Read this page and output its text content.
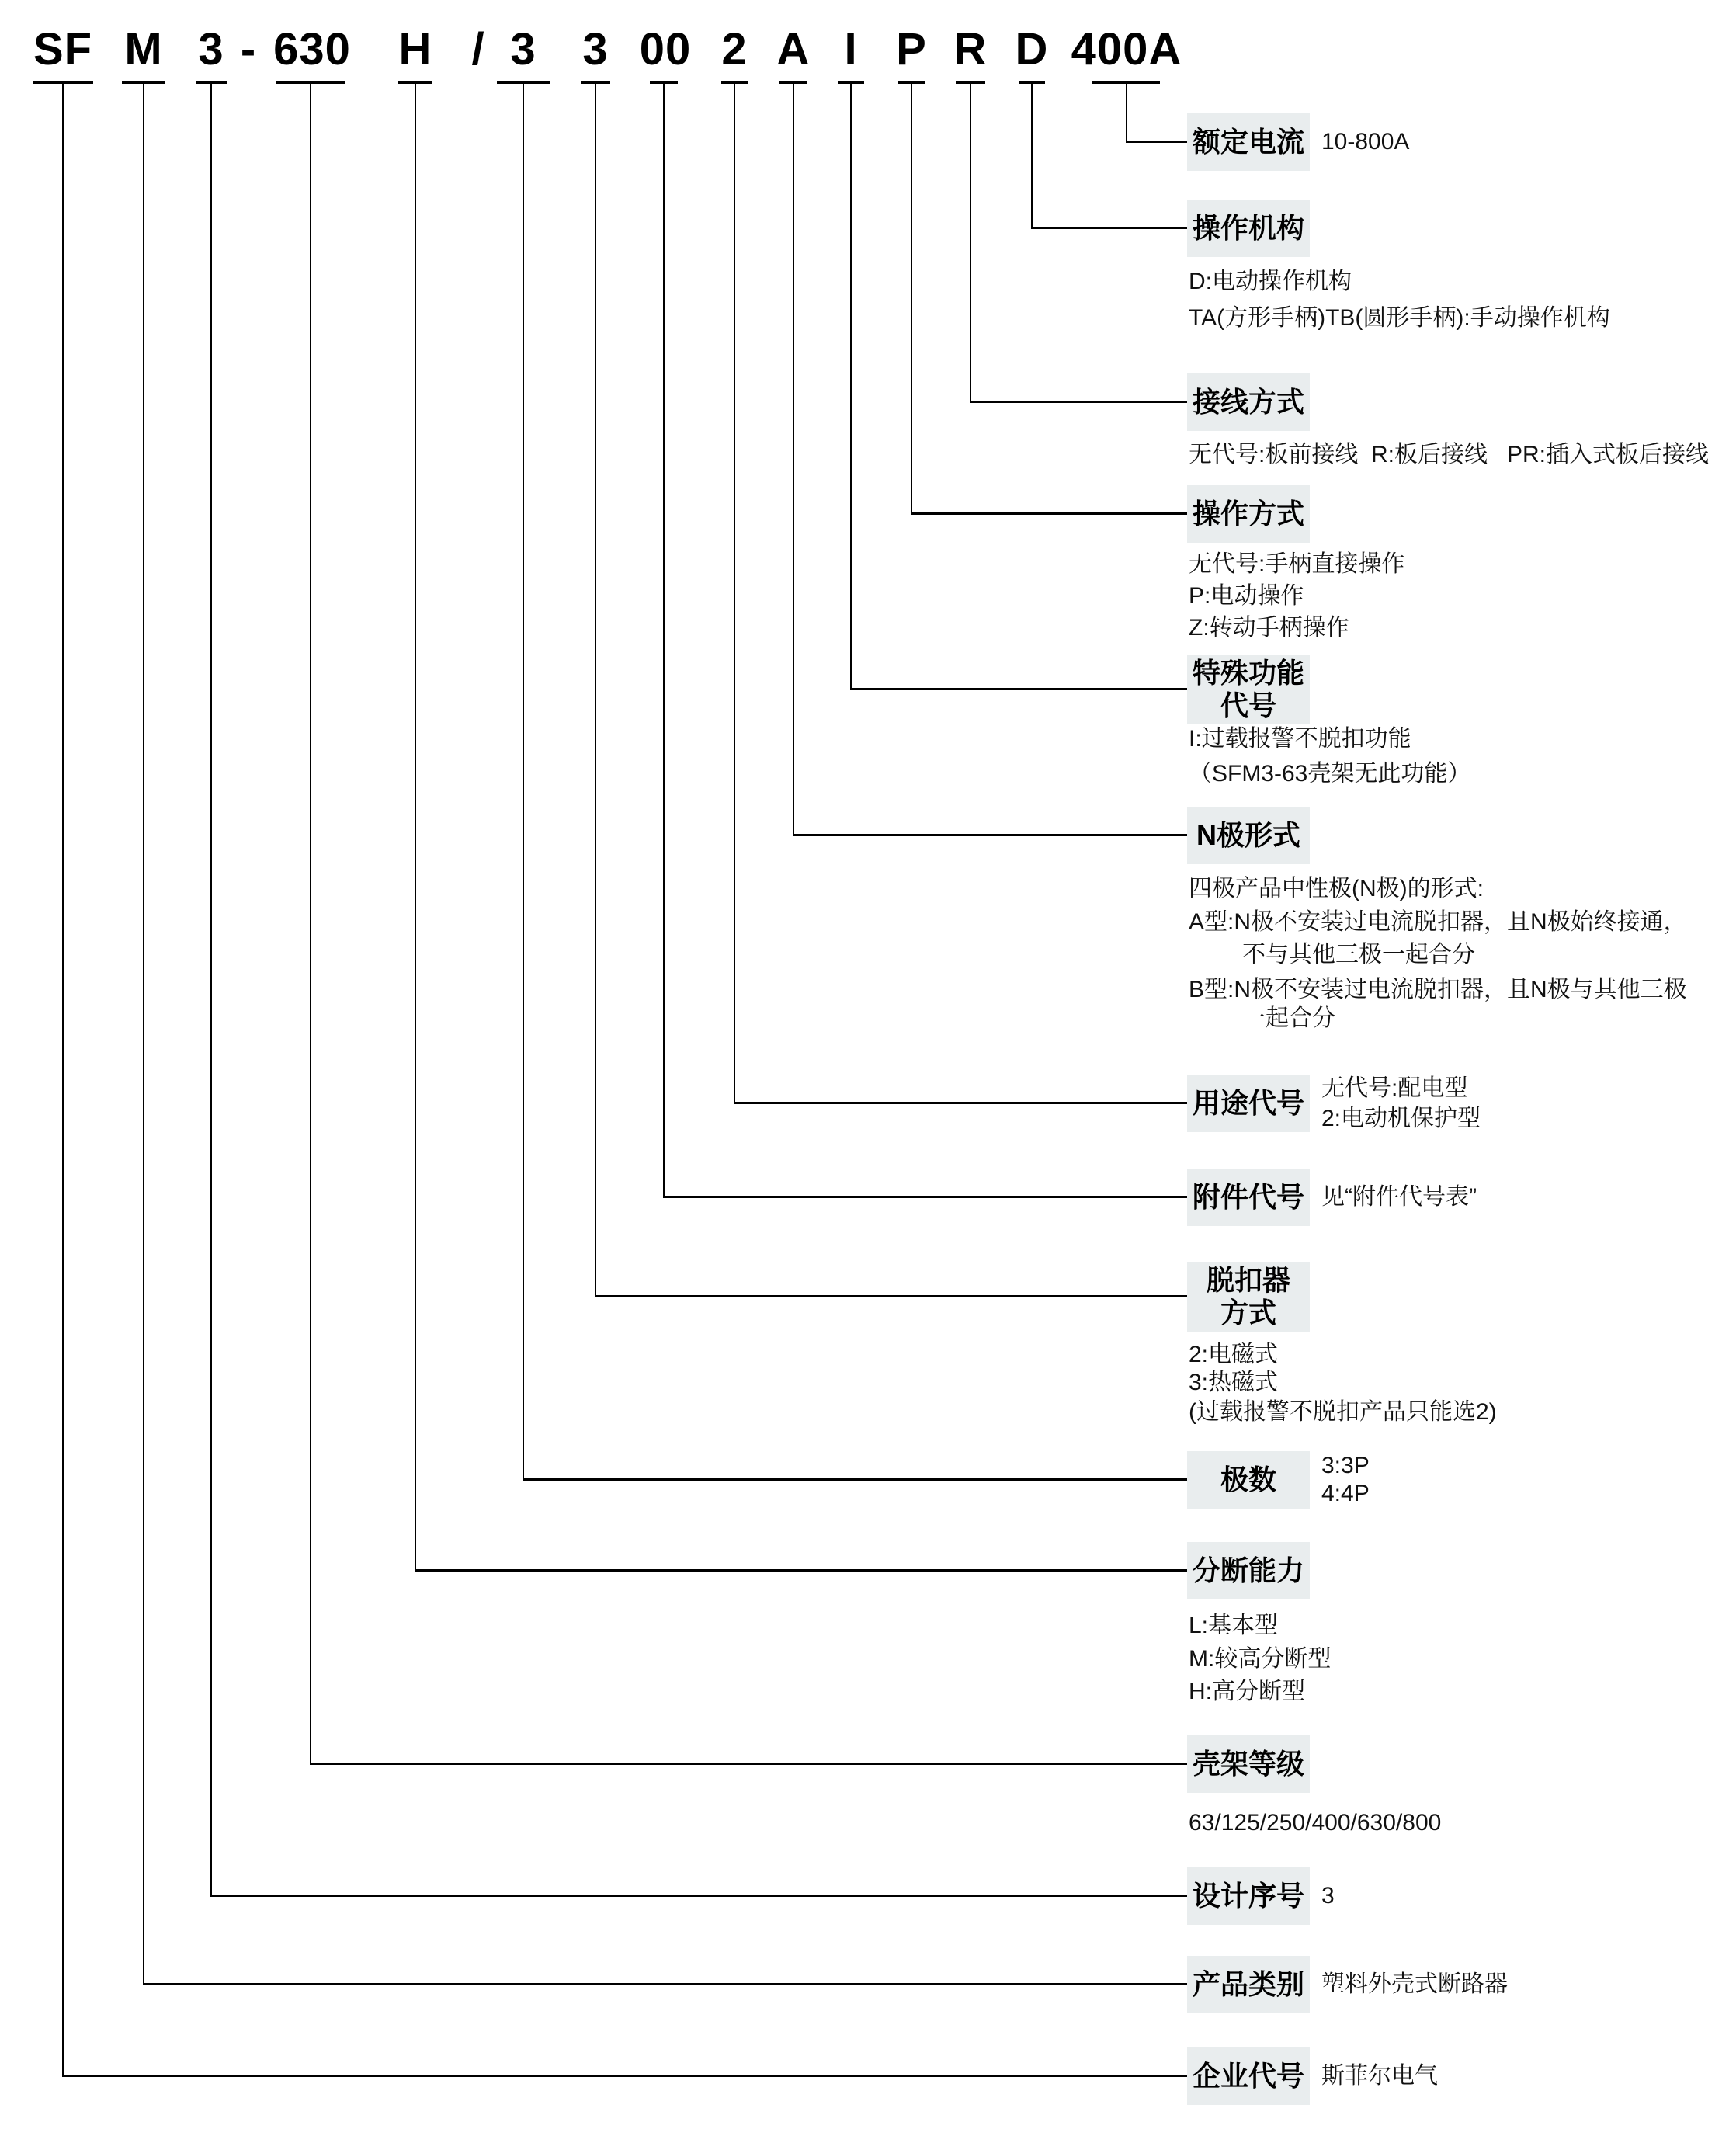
SF M 3 - 630 H / 3 3 00 2 A I P R D 400A
企业代号 斯菲尔电气
产品类别 塑料外壳式断路器
设计序号 3
壳架等级
63/125/250/400/630/800
分断能力
L:基本型
M:较高分断型
H:高分断型
极数 3:3P
4:4P
脱扣器
方式
2:电磁式
3:热磁式
(过载报警不脱扣产品只能选2)
附件代号 见“附件代号表”
用途代号 无代号:配电型
2:电动机保护型
N极形式
四极产品中性极(N极)的形式:
A型:N极不安装过电流脱扣器，且N极始终接通，
不与其他三极一起合分
B型:N极不安装过电流脱扣器，且N极与其他三极
一起合分
特殊功能
代号
I:过载报警不脱扣功能
（SFM3-63壳架无此功能）
操作方式
无代号:手柄直接操作
P:电动操作
Z:转动手柄操作
接线方式
无代号:板前接线  R:板后接线   PR:插入式板后接线
操作机构
D:电动操作机构
TA(方形手柄)TB(圆形手柄):手动操作机构
额定电流 10-800A
